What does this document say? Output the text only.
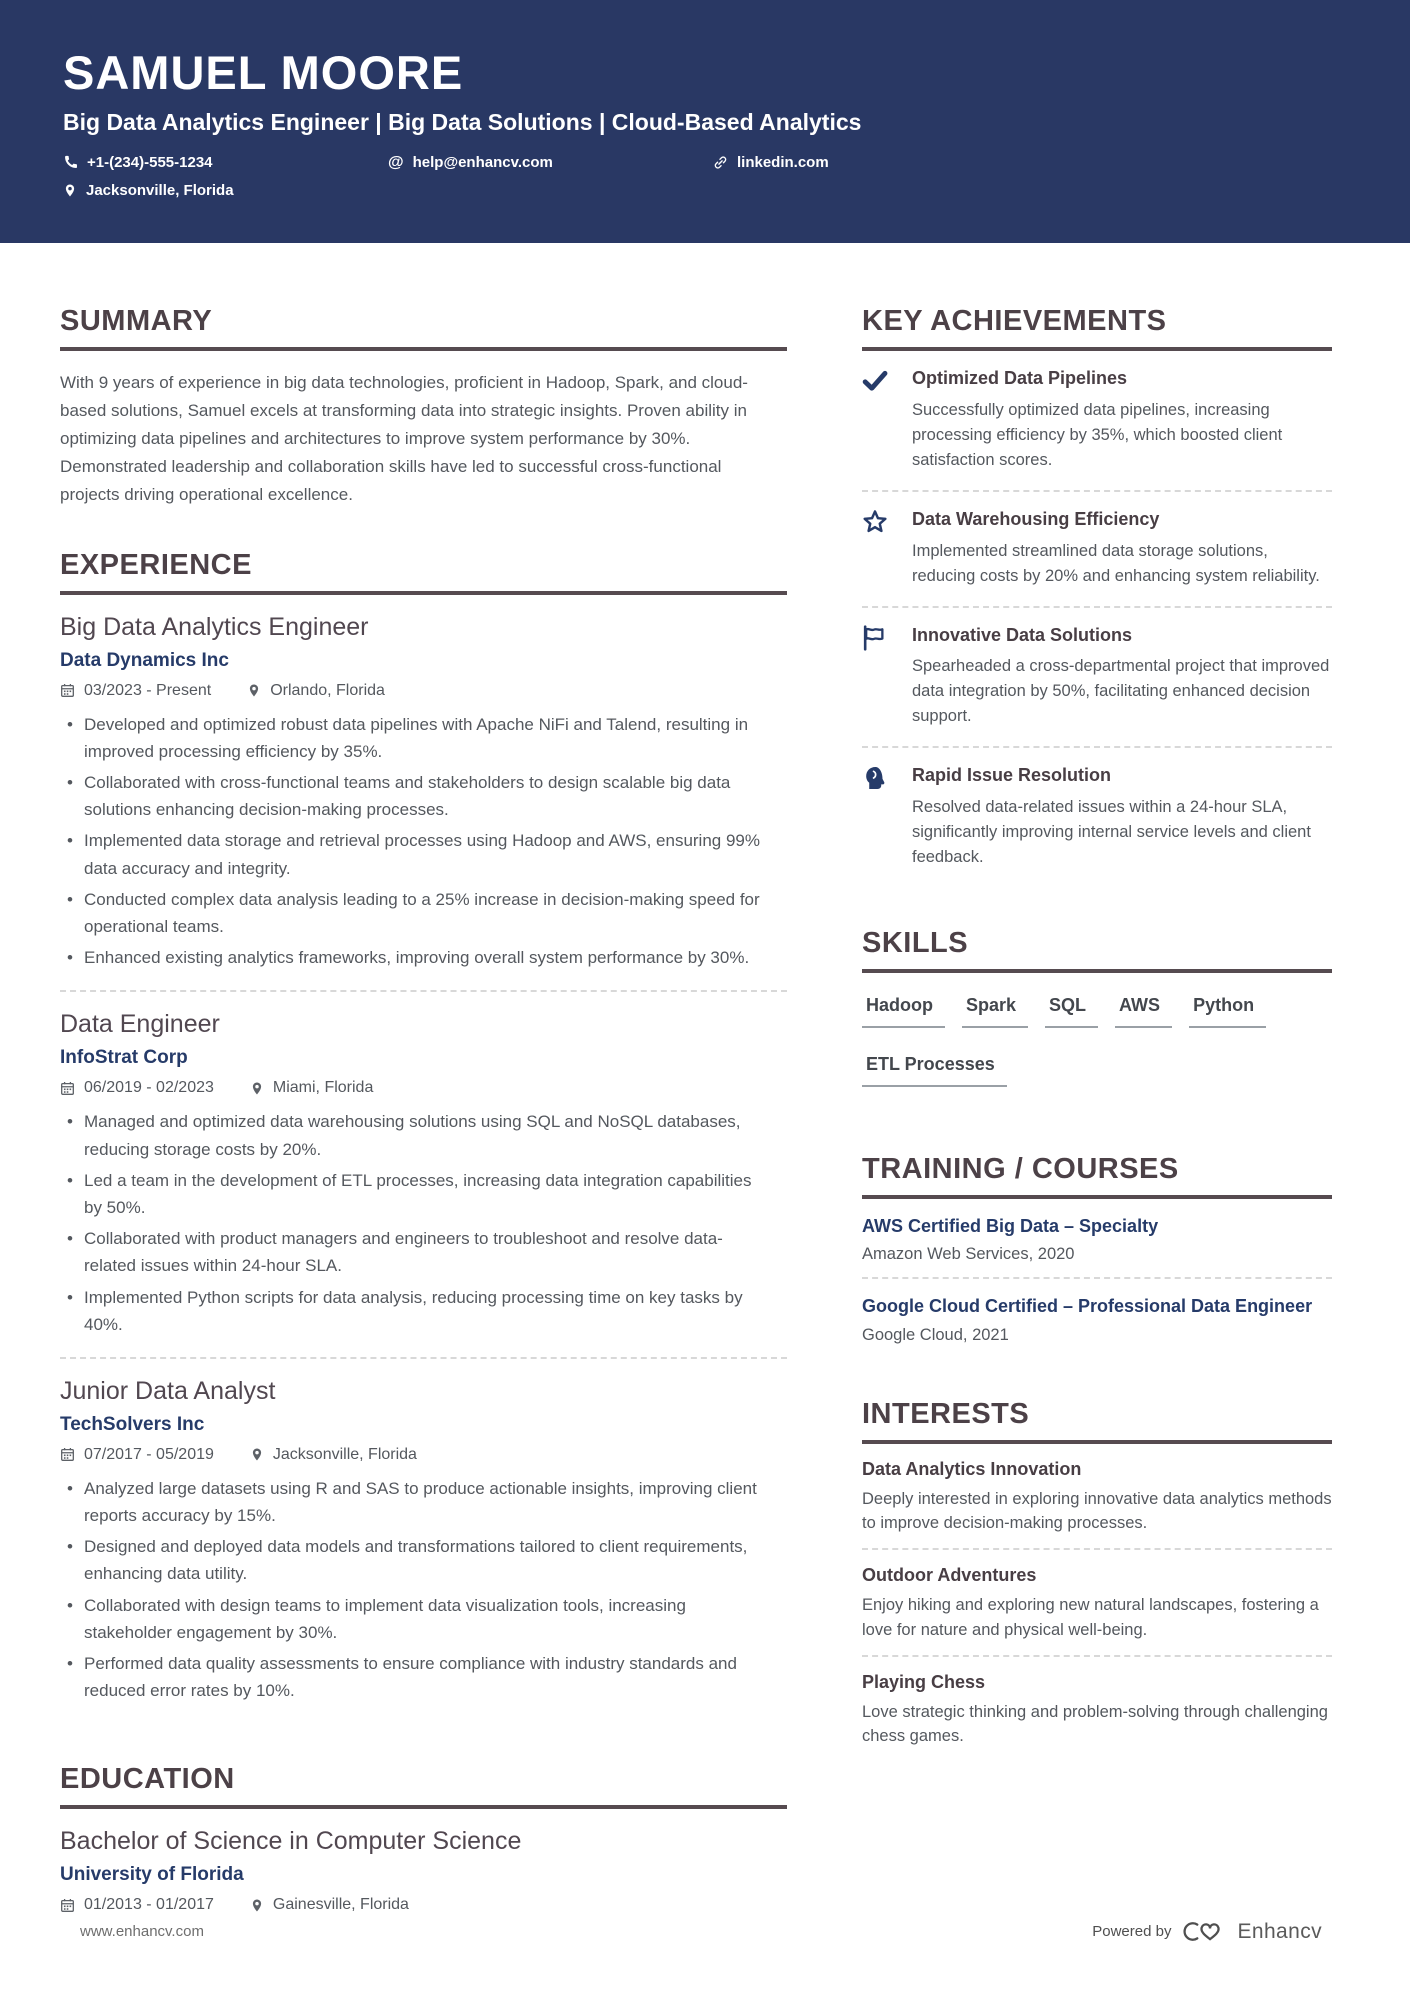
SAMUEL MOORE
Big Data Analytics Engineer | Big Data Solutions | Cloud-Based Analytics
+1-(234)-555-1234	@ help@enhancv.com	linkedin.com
Jacksonville, Florida
SUMMARY
With 9 years of experience in big data technologies, proficient in Hadoop, Spark, and cloud-based solutions, Samuel excels at transforming data into strategic insights. Proven ability in optimizing data pipelines and architectures to improve system performance by 30%. Demonstrated leadership and collaboration skills have led to successful cross-functional projects driving operational excellence.
EXPERIENCE
Big Data Analytics Engineer
Data Dynamics Inc
03/2023 - Present	Orlando, Florida
• Developed and optimized robust data pipelines with Apache NiFi and Talend, resulting in improved processing efficiency by 35%.
• Collaborated with cross-functional teams and stakeholders to design scalable big data solutions enhancing decision-making processes.
• Implemented data storage and retrieval processes using Hadoop and AWS, ensuring 99% data accuracy and integrity.
• Conducted complex data analysis leading to a 25% increase in decision-making speed for operational teams.
• Enhanced existing analytics frameworks, improving overall system performance by 30%.
Data Engineer
InfoStrat Corp
06/2019 - 02/2023	Miami, Florida
• Managed and optimized data warehousing solutions using SQL and NoSQL databases, reducing storage costs by 20%.
• Led a team in the development of ETL processes, increasing data integration capabilities by 50%.
• Collaborated with product managers and engineers to troubleshoot and resolve data-related issues within 24-hour SLA.
• Implemented Python scripts for data analysis, reducing processing time on key tasks by 40%.
Junior Data Analyst
TechSolvers Inc
07/2017 - 05/2019	Jacksonville, Florida
• Analyzed large datasets using R and SAS to produce actionable insights, improving client reports accuracy by 15%.
• Designed and deployed data models and transformations tailored to client requirements, enhancing data utility.
• Collaborated with design teams to implement data visualization tools, increasing stakeholder engagement by 30%.
• Performed data quality assessments to ensure compliance with industry standards and reduced error rates by 10%.
EDUCATION
Bachelor of Science in Computer Science
University of Florida
01/2013 - 01/2017	Gainesville, Florida
KEY ACHIEVEMENTS
Optimized Data Pipelines
Successfully optimized data pipelines, increasing processing efficiency by 35%, which boosted client satisfaction scores.
Data Warehousing Efficiency
Implemented streamlined data storage solutions, reducing costs by 20% and enhancing system reliability.
Innovative Data Solutions
Spearheaded a cross-departmental project that improved data integration by 50%, facilitating enhanced decision support.
Rapid Issue Resolution
Resolved data-related issues within a 24-hour SLA, significantly improving internal service levels and client feedback.
SKILLS
Hadoop	Spark	SQL	AWS	Python
ETL Processes
TRAINING / COURSES
AWS Certified Big Data – Specialty
Amazon Web Services, 2020
Google Cloud Certified – Professional Data Engineer
Google Cloud, 2021
INTERESTS
Data Analytics Innovation
Deeply interested in exploring innovative data analytics methods to improve decision-making processes.
Outdoor Adventures
Enjoy hiking and exploring new natural landscapes, fostering a love for nature and physical well-being.
Playing Chess
Love strategic thinking and problem-solving through challenging chess games.
www.enhancv.com	Powered by	Enhancv
